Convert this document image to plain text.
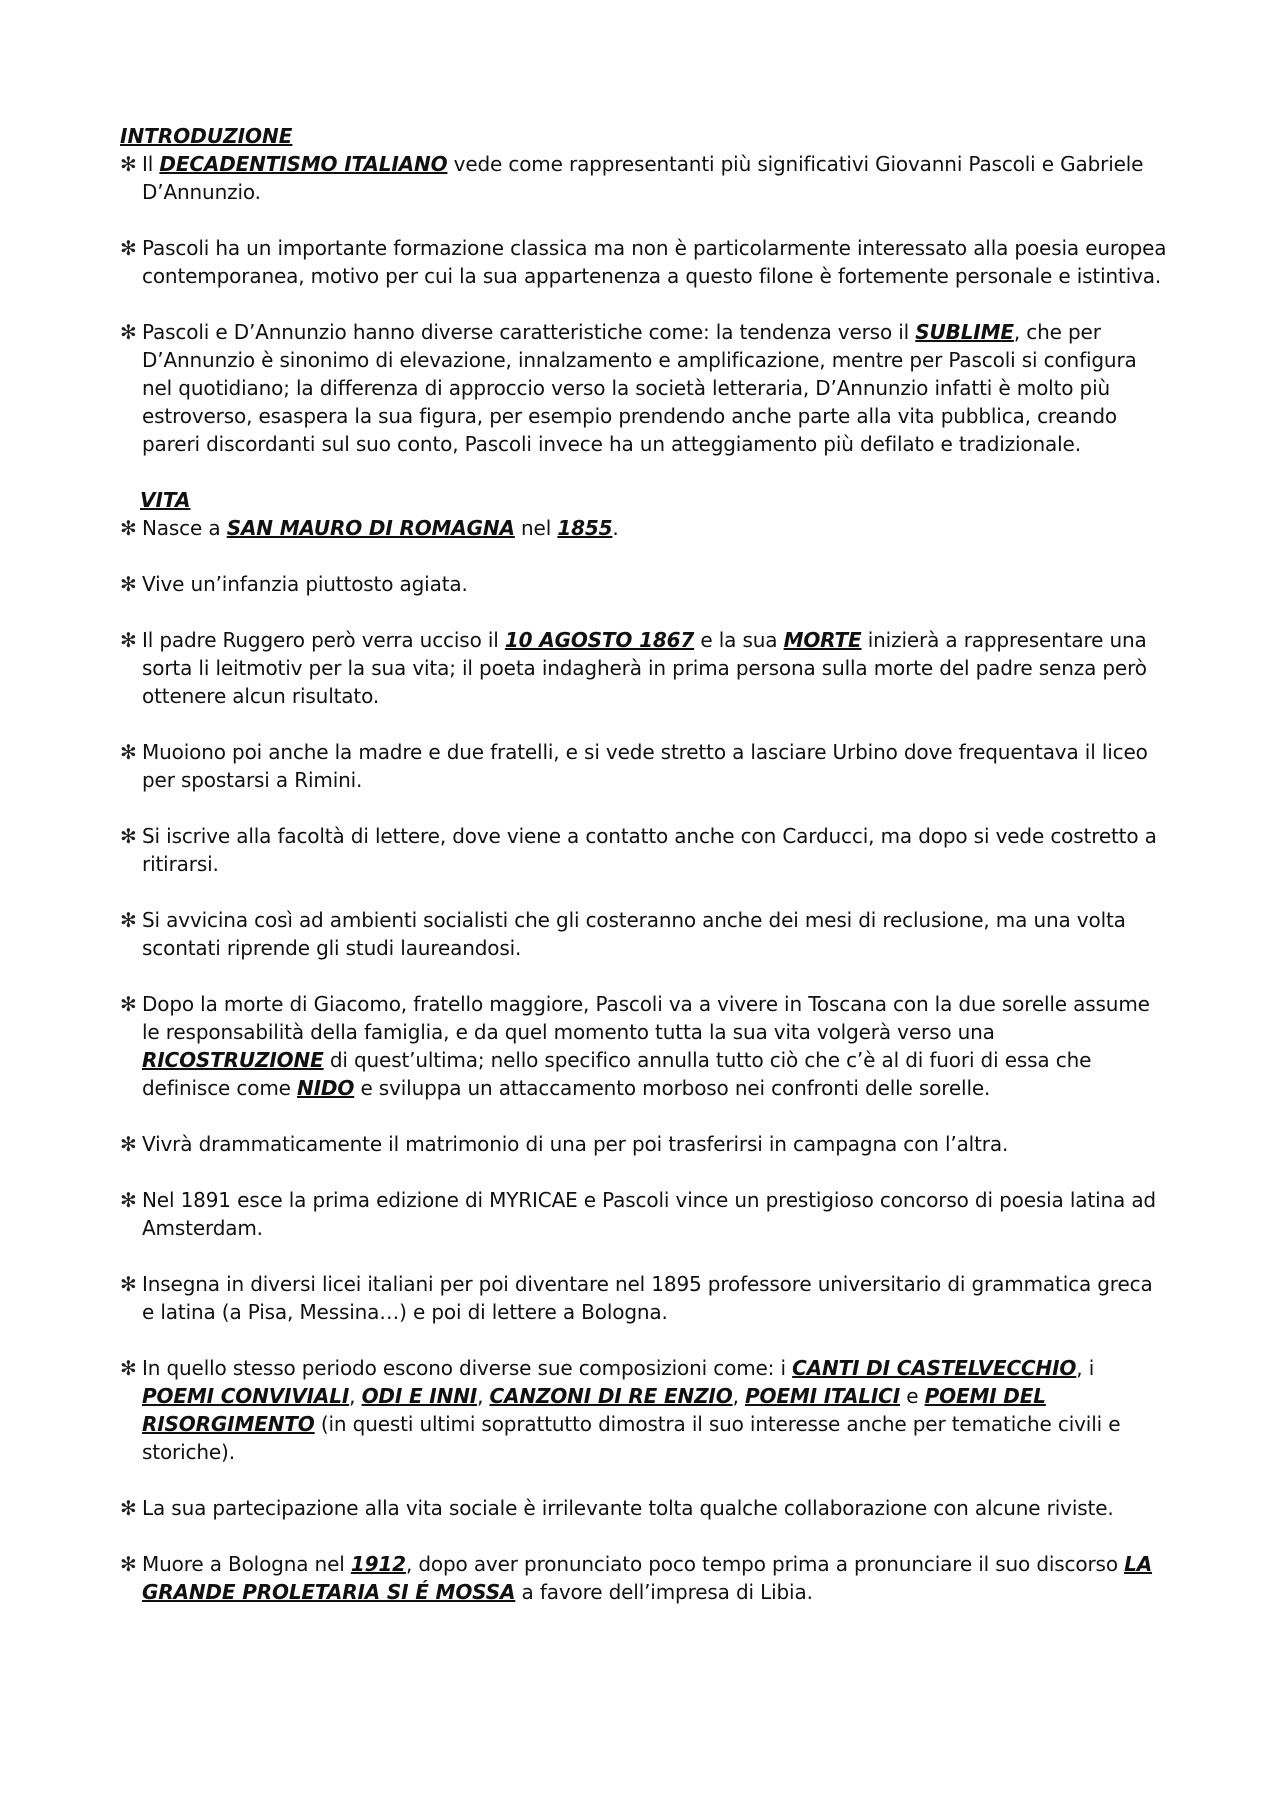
INTRODUZIONE

✻ Il DECADENTISMO ITALIANO vede come rappresentanti più significativi Giovanni Pascoli e Gabriele D’Annunzio.

✻ Pascoli ha un importante formazione classica ma non è particolarmente interessato alla poesia europea contemporanea, motivo per cui la sua appartenenza a questo filone è fortemente personale e istintiva.

✻ Pascoli e D’Annunzio hanno diverse caratteristiche come: la tendenza verso il SUBLIME, che per D’Annunzio è sinonimo di elevazione, innalzamento e amplificazione, mentre per Pascoli si configura nel quotidiano; la differenza di approccio verso la società letteraria, D’Annunzio infatti è molto più estroverso, esaspera la sua figura, per esempio prendendo anche parte alla vita pubblica, creando pareri discordanti sul suo conto, Pascoli invece ha un atteggiamento più defilato e tradizionale.

VITA

✻ Nasce a SAN MAURO DI ROMAGNA nel 1855.

✻ Vive un’infanzia piuttosto agiata.

✻ Il padre Ruggero però verra ucciso il 10 AGOSTO 1867 e la sua MORTE inizierà a rappresentare una sorta li leitmotiv per la sua vita; il poeta indagherà in prima persona sulla morte del padre senza però ottenere alcun risultato.

✻ Muoiono poi anche la madre e due fratelli, e si vede stretto a lasciare Urbino dove frequentava il liceo per spostarsi a Rimini.

✻ Si iscrive alla facoltà di lettere, dove viene a contatto anche con Carducci, ma dopo si vede costretto a ritirarsi.

✻ Si avvicina così ad ambienti socialisti che gli costeranno anche dei mesi di reclusione, ma una volta scontati riprende gli studi laureandosi.

✻ Dopo la morte di Giacomo, fratello maggiore, Pascoli va a vivere in Toscana con la due sorelle assume le responsabilità della famiglia, e da quel momento tutta la sua vita volgerà verso una RICOSTRUZIONE di quest’ultima; nello specifico annulla tutto ciò che c’è al di fuori di essa che definisce come NIDO e sviluppa un attaccamento morboso nei confronti delle sorelle.

✻ Vivrà drammaticamente il matrimonio di una per poi trasferirsi in campagna con l’altra.

✻ Nel 1891 esce la prima edizione di MYRICAE e Pascoli vince un prestigioso concorso di poesia latina ad Amsterdam.

✻ Insegna in diversi licei italiani per poi diventare nel 1895 professore universitario di grammatica greca e latina (a Pisa, Messina…) e poi di lettere a Bologna.

✻ In quello stesso periodo escono diverse sue composizioni come: i CANTI DI CASTELVECCHIO, i POEMI CONVIVIALI, ODI E INNI, CANZONI DI RE ENZIO, POEMI ITALICI e POEMI DEL RISORGIMENTO (in questi ultimi soprattutto dimostra il suo interesse anche per tematiche civili e storiche).

✻ La sua partecipazione alla vita sociale è irrilevante tolta qualche collaborazione con alcune riviste.

✻ Muore a Bologna nel 1912, dopo aver pronunciato poco tempo prima a pronunciare il suo discorso LA GRANDE PROLETARIA SI É MOSSA a favore dell’impresa di Libia.
